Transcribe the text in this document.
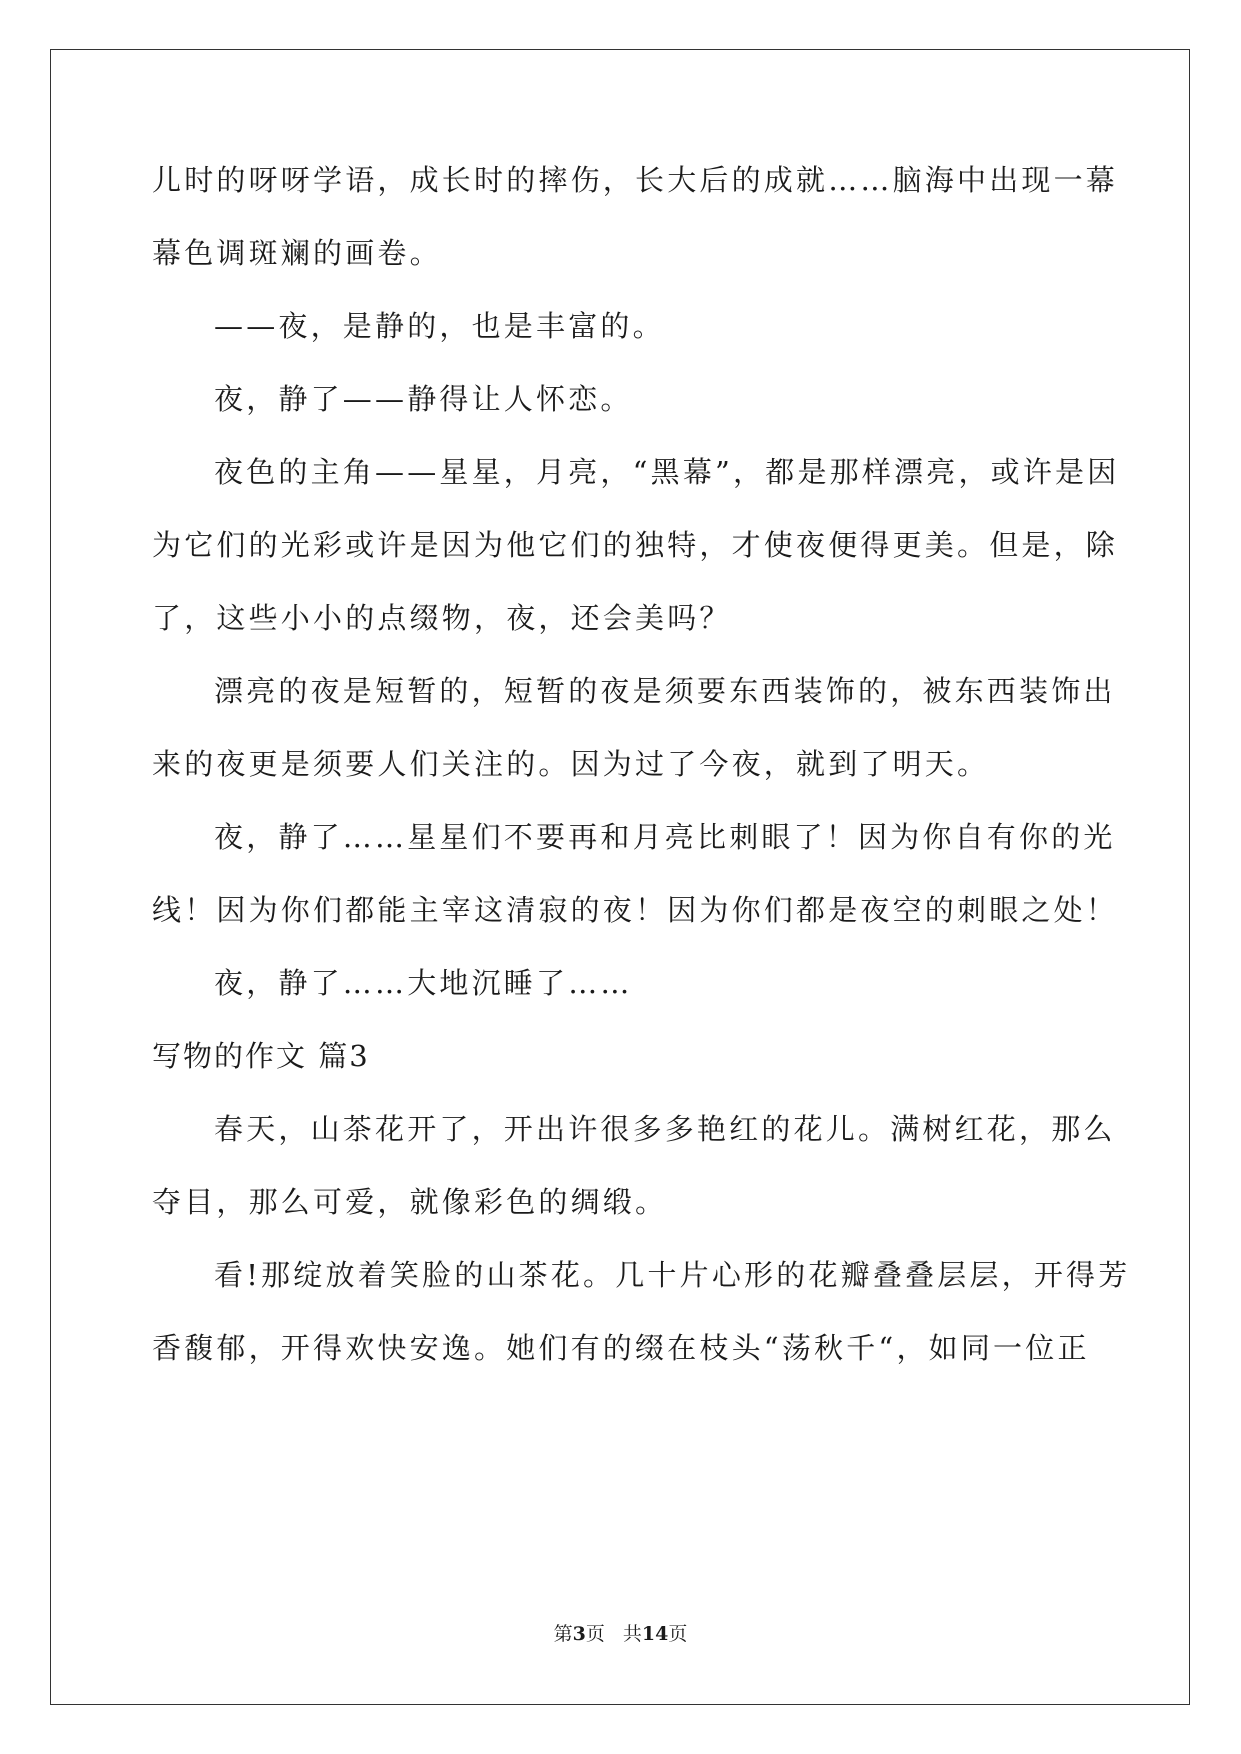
儿时的呀呀学语，成长时的摔伤，长大后的成就……脑海中出现一幕
幕色调斑斓的画卷。
——夜，是静的，也是丰富的。
夜，静了——静得让人怀恋。
夜色的主角——星星，月亮，“黑幕”，都是那样漂亮，或许是因
为它们的光彩或许是因为他它们的独特，才使夜便得更美。但是，除
了，这些小小的点缀物，夜，还会美吗？
漂亮的夜是短暂的，短暂的夜是须要东西装饰的，被东西装饰出
来的夜更是须要人们关注的。因为过了今夜，就到了明天。
夜，静了……星星们不要再和月亮比刺眼了！因为你自有你的光
线！因为你们都能主宰这清寂的夜！因为你们都是夜空的刺眼之处！
夜，静了……大地沉睡了……
写物的作文 篇3
春天，山茶花开了，开出许很多多艳红的花儿。满树红花，那么
夺目，那么可爱，就像彩色的绸缎。
看!那绽放着笑脸的山茶花。几十片心形的花瓣叠叠层层，开得芳
香馥郁，开得欢快安逸。她们有的缀在枝头“荡秋千“，如同一位正
第3页 共14页
